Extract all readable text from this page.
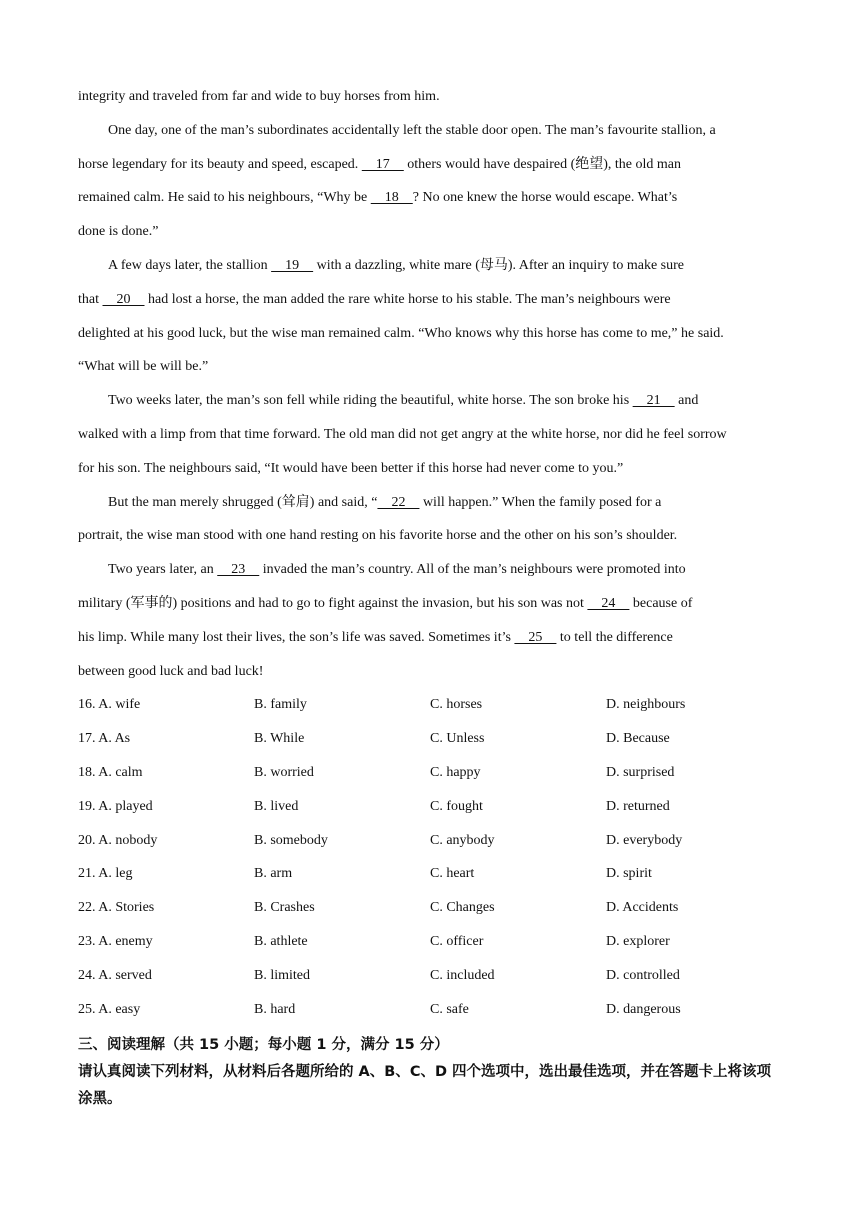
integrity and traveled from far and wide to buy horses from him.
One day, one of the man’s subordinates accidentally left the stable door open. The man’s favourite stallion, a
horse legendary for its beauty and speed, escaped. 17 others would have despaired (绝望), the old man
remained calm. He said to his neighbours, “Why be 18 ? No one knew the horse would escape. What’s
done is done.”
A few days later, the stallion 19 with a dazzling, white mare (母马). After an inquiry to make sure
that 20 had lost a horse, the man added the rare white horse to his stable. The man’s neighbours were
delighted at his good luck, but the wise man remained calm. “Who knows why this horse has come to me,” he said.
“What will be will be.”
Two weeks later, the man’s son fell while riding the beautiful, white horse. The son broke his 21 and
walked with a limp from that time forward. The old man did not get angry at the white horse, nor did he feel sorrow
for his son. The neighbours said, “It would have been better if this horse had never come to you.”
But the man merely shrugged (耸肩) and said, “ 22 will happen.” When the family posed for a
portrait, the wise man stood with one hand resting on his favorite horse and the other on his son’s shoulder.
Two years later, an 23 invaded the man’s country. All of the man’s neighbours were promoted into
military (军事的) positions and had to go to fight against the invasion, but his son was not 24 because of
his limp. While many lost their lives, the son’s life was saved. Sometimes it’s 25 to tell the difference
between good luck and bad luck!
16. A. wife	B. family	C. horses	D. neighbours
17. A. As	B. While	C. Unless	D. Because
18. A. calm	B. worried	C. happy	D. surprised
19. A. played	B. lived	C. fought	D. returned
20. A. nobody	B. somebody	C. anybody	D. everybody
21. A. leg	B. arm	C. heart	D. spirit
22. A. Stories	B. Crashes	C. Changes	D. Accidents
23. A. enemy	B. athlete	C. officer	D. explorer
24. A. served	B. limited	C. included	D. controlled
25. A. easy	B. hard	C. safe	D. dangerous
三、阅读理解（共 15 小题；每小题 1 分，满分 15 分）
请认真阅读下列材料，从材料后各题所给的 A、B、C、D 四个选项中，选出最佳选项，并在答题卡上将该项涂黑。
